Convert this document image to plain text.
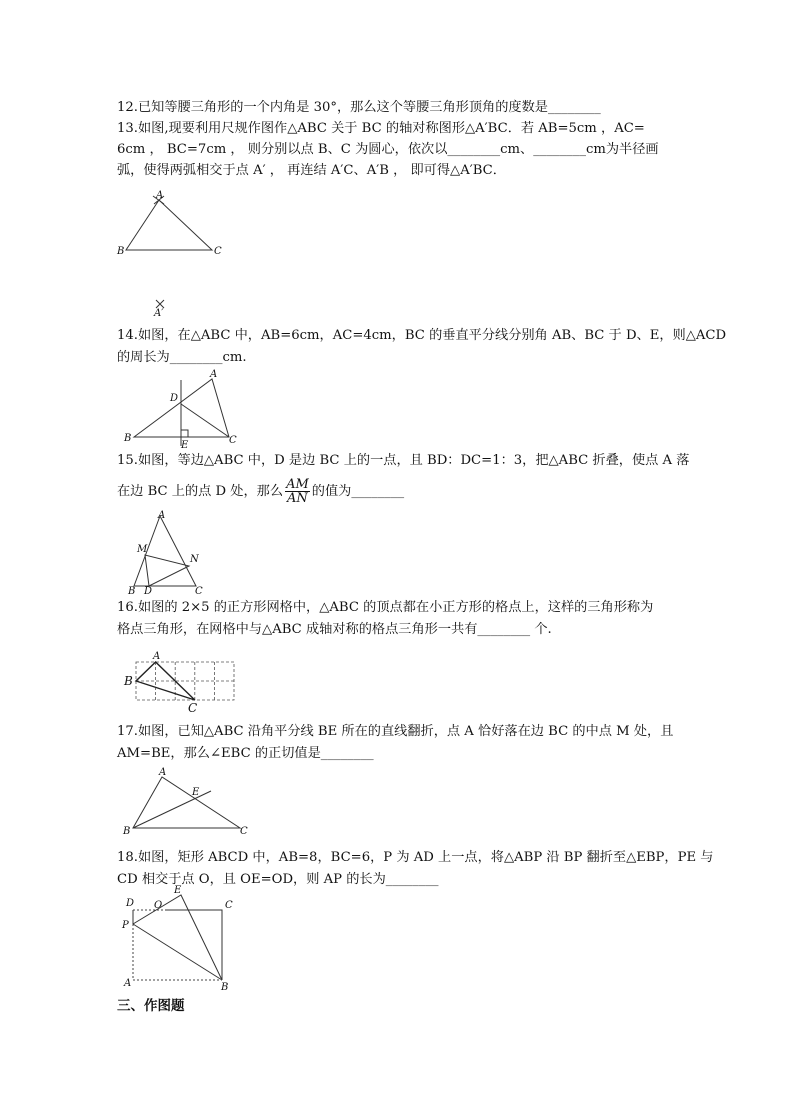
12.已知等腰三角形的一个内角是 30°，那么这个等腰三角形顶角的度数是________
13.如图,现要利用尺规作图作△ABC 关于 BC 的轴对称图形△A′BC．若 AB=5cm ，AC=
6cm ， BC=7cm ， 则分别以点 B、C 为圆心，依次以________cm、________cm为半径画
弧，使得两弧相交于点 A′ ， 再连结 A′C、A′B ， 即可得△A′BC．
A
B	C
A′
14.如图，在△ABC 中，AB=6cm，AC=4cm，BC 的垂直平分线分别角 AB、BC 于 D、E，则△ACD
的周长为________cm.
A
D
B
E	C
15.如图，等边△ABC 中，D 是边 BC 上的一点，且 BD：DC=1：3，把△ABC 折叠，使点 A 落
在边 BC 上的点 D 处，那么 $\frac{AM}{AN}$ 的值为________
A
M
N
B D	C
16.如图的 2×5 的正方形网格中，△ABC 的顶点都在小正方形的格点上，这样的三角形称为
格点三角形，在网格中与△ABC 成轴对称的格点三角形一共有________ 个.
A
B
C
17.如图，已知△ABC 沿角平分线 BE 所在的直线翻折，点 A 恰好落在边 BC 的中点 M 处，且
AM=BE，那么∠EBC 的正切值是________
A
E
B	C
18.如图，矩形 ABCD 中，AB=8，BC=6，P 为 AD 上一点，将△ABP 沿 BP 翻折至△EBP，PE 与
CD 相交于点 O，且 OE=OD，则 AP 的长为________
E
D O	C
P
A	B
三、作图题
